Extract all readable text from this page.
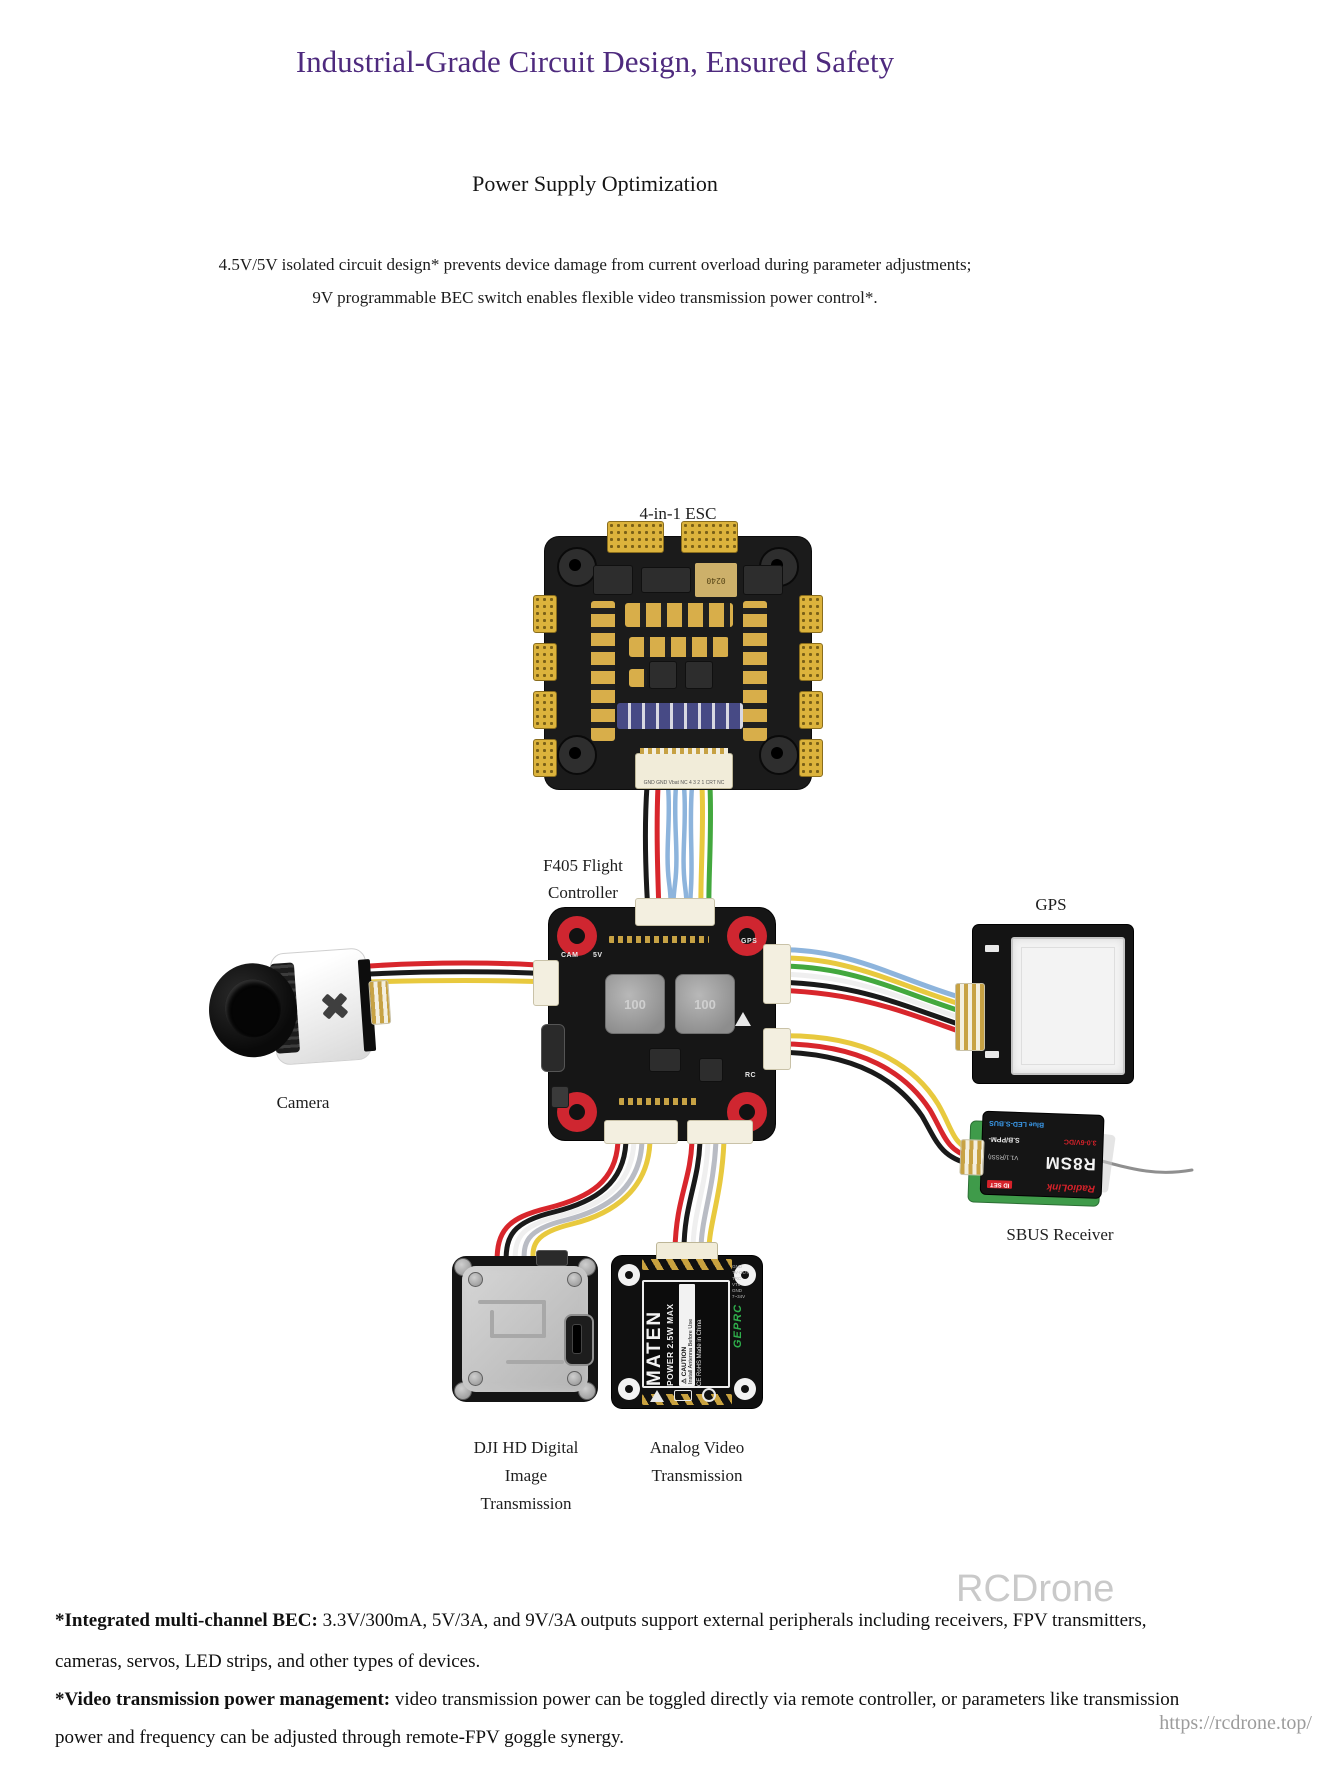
Industrial-Grade Circuit Design, Ensured Safety
Power Supply Optimization
4.5V/5V isolated circuit design* prevents device damage from current overload during parameter adjustments;
9V programmable BEC switch enables flexible video transmission power control*.
0240
GND GND Vbat NC 4 3 2 1 CRT NC
100	100
CAM 5V
GPS
RC
RadioLink
ID SET
R8SM
V1.1(RSSI)
3.0-6V/DC
S.B/PPM-
Blue LED-S.BUS
GND
TV-OUT
TRC
VTx
GND
7~34V
MATEN POWER 2.5W MAX ⚠ CAUTION Install Antenna Before Use CE RoHS Made in China	GEPRC
4-in-1 ESC
F405 Flight
Controller
GPS
Camera
SBUS Receiver
DJI HD Digital
Image
Transmission
Analog Video
Transmission
RCDrone
*Integrated multi-channel BEC: 3.3V/300mA, 5V/3A, and 9V/3A outputs support external peripherals including receivers, FPV transmitters,
cameras, servos, LED strips, and other types of devices.
*Video transmission power management: video transmission power can be toggled directly via remote controller, or parameters like transmission
power and frequency can be adjusted through remote-FPV goggle synergy.
https://rcdrone.top/
